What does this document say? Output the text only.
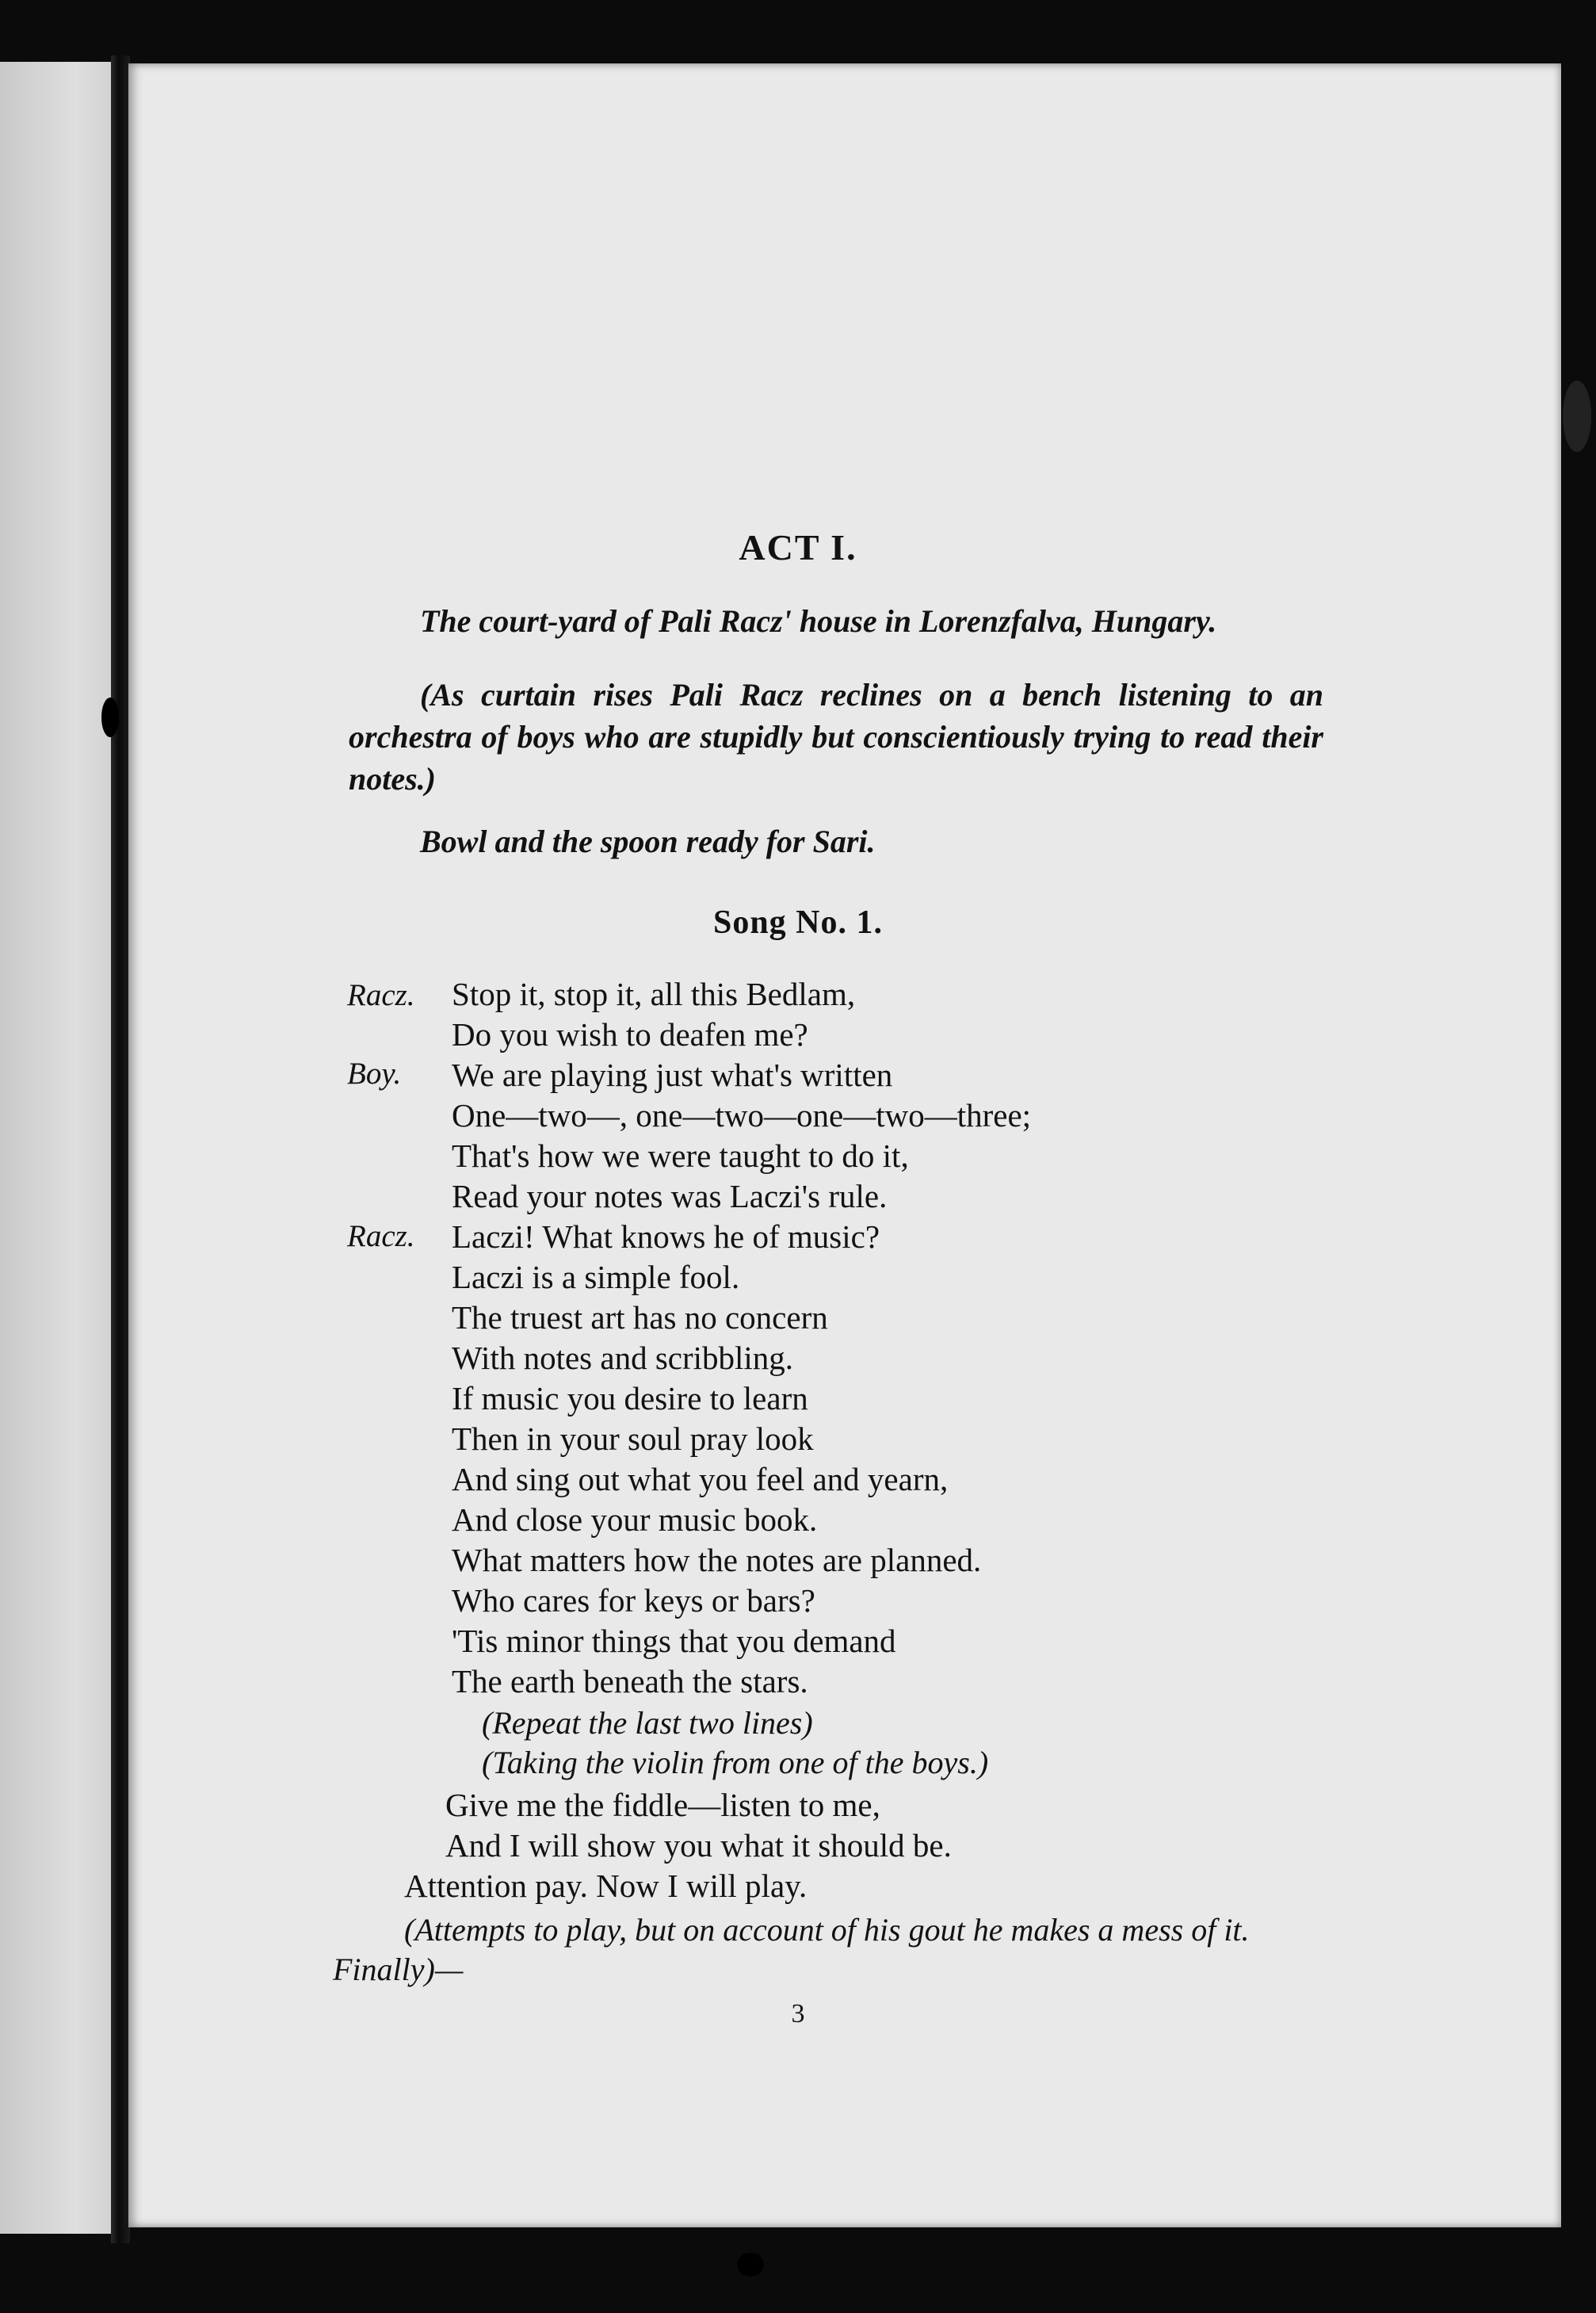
ACT I.
The court-yard of Pali Racz' house in Lorenzfalva, Hungary.
(As curtain rises Pali Racz reclines on a bench listening to an orchestra of boys who are stupidly but conscientiously trying to read their notes.)
Bowl and the spoon ready for Sari.
Song No. 1.
Racz.
Boy.
Racz.
Stop it, stop it, all this Bedlam,
Do you wish to deafen me?
We are playing just what's written
One—two—, one—two—one—two—three;
That's how we were taught to do it,
Read your notes was Laczi's rule.
Laczi! What knows he of music?
Laczi is a simple fool.
The truest art has no concern
With notes and scribbling.
If music you desire to learn
Then in your soul pray look
And sing out what you feel and yearn,
And close your music book.
What matters how the notes are planned.
Who cares for keys or bars?
'Tis minor things that you demand
The earth beneath the stars.
(Repeat the last two lines)
(Taking the violin from one of the boys.)
Give me the fiddle—listen to me,
And I will show you what it should be.
Attention pay. Now I will play.
(Attempts to play, but on account of his gout he makes a mess of it. Finally)—
3
